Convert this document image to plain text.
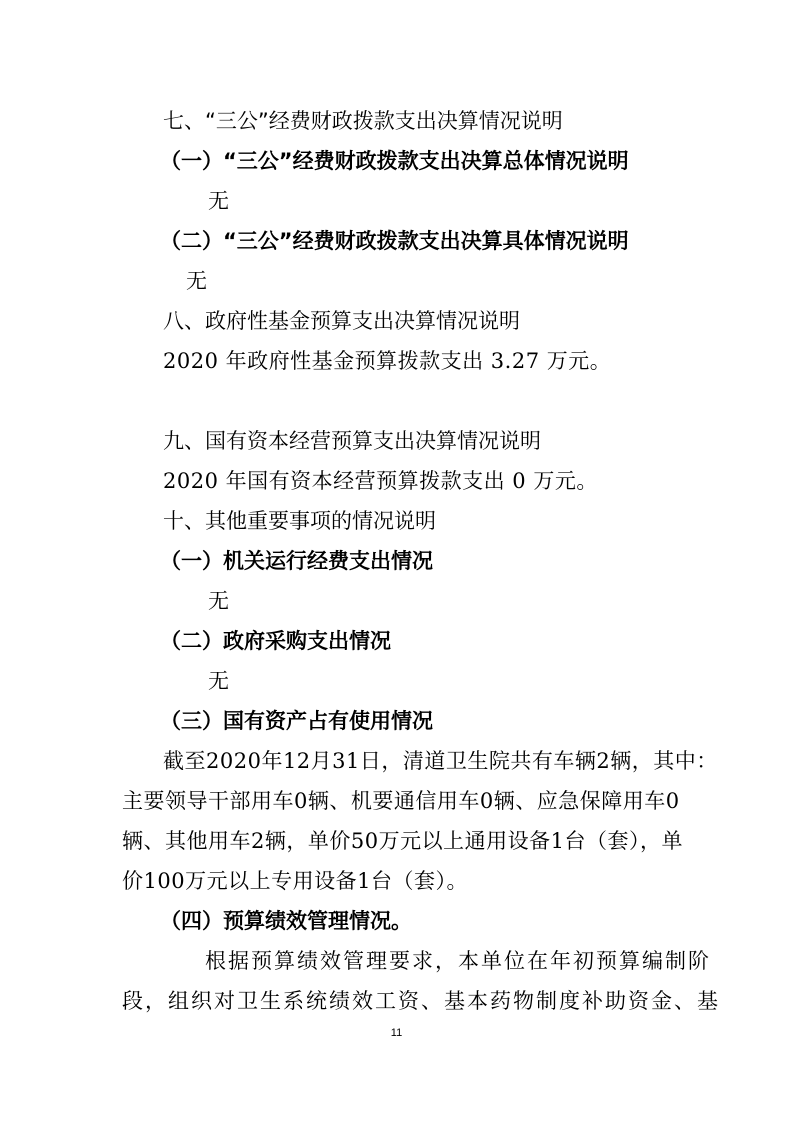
七、“三公”经费财政拨款支出决算情况说明
（一）“三公”经费财政拨款支出决算总体情况说明
无
（二）“三公”经费财政拨款支出决算具体情况说明
无
八、政府性基金预算支出决算情况说明
2020 年政府性基金预算拨款支出 3.27 万元。
九、国有资本经营预算支出决算情况说明
2020 年国有资本经营预算拨款支出 0 万元。
十、其他重要事项的情况说明
（一）机关运行经费支出情况
无
（二）政府采购支出情况
无
（三）国有资产占有使用情况
截至2020年12月31日，清道卫生院共有车辆2辆，其中：
主要领导干部用车0辆、机要通信用车0辆、应急保障用车0
辆、其他用车2辆，单价50万元以上通用设备1台（套），单
价100万元以上专用设备1台（套）。
（四）预算绩效管理情况。
根据预算绩效管理要求，本单位在年初预算编制阶
段，组织对卫生系统绩效工资、基本药物制度补助资金、基
11
